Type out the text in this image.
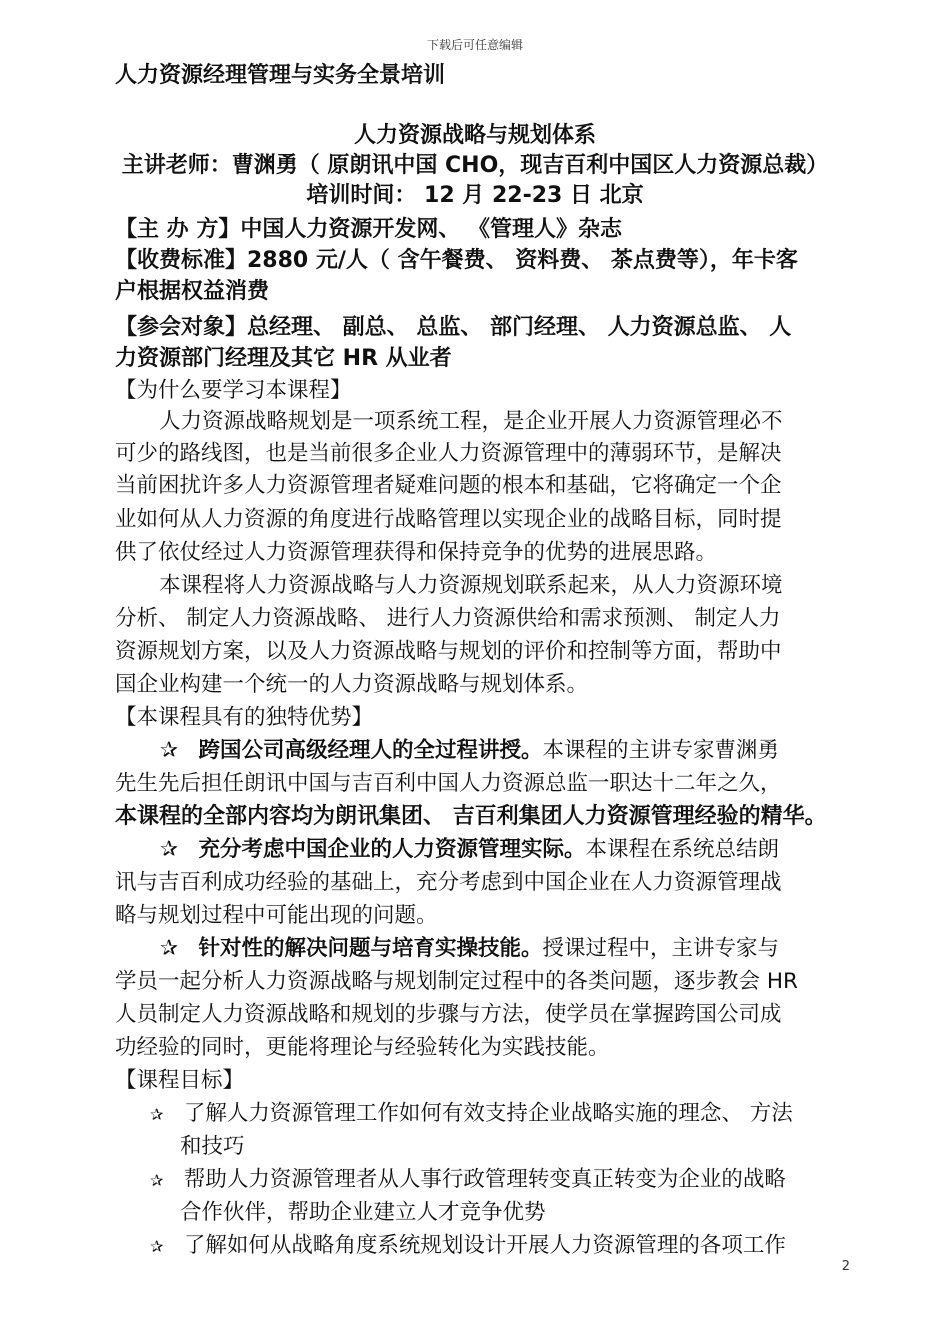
下载后可任意编辑
人力资源经理管理与实务全景培训
人力资源战略与规划体系
主讲老师：曹渊勇（ 原朗讯中国 CHO，现吉百利中国区人力资源总裁）
培训时间： 12 月 22-23 日 北京
【主 办 方】中国人力资源开发网、 《管理人》杂志
【收费标准】2880 元/人（ 含午餐费、 资料费、 茶点费等），年卡客
户根据权益消费
【参会对象】总经理、 副总、 总监、 部门经理、 人力资源总监、 人
力资源部门经理及其它 HR 从业者
【为什么要学习本课程】
人力资源战略规划是一项系统工程，是企业开展人力资源管理必不
可少的路线图，也是当前很多企业人力资源管理中的薄弱环节，是解决
当前困扰许多人力资源管理者疑难问题的根本和基础，它将确定一个企
业如何从人力资源的角度进行战略管理以实现企业的战略目标，同时提
供了依仗经过人力资源管理获得和保持竞争的优势的进展思路。
本课程将人力资源战略与人力资源规划联系起来，从人力资源环境
分析、 制定人力资源战略、 进行人力资源供给和需求预测、 制定人力
资源规划方案，以及人力资源战略与规划的评价和控制等方面，帮助中
国企业构建一个统一的人力资源战略与规划体系。
【本课程具有的独特优势】
✰ 跨国公司高级经理人的全过程讲授。本课程的主讲专家曹渊勇
先生先后担任朗讯中国与吉百利中国人力资源总监一职达十二年之久，
本课程的全部内容均为朗讯集团、 吉百利集团人力资源管理经验的精华。
✰ 充分考虑中国企业的人力资源管理实际。本课程在系统总结朗
讯与吉百利成功经验的基础上，充分考虑到中国企业在人力资源管理战
略与规划过程中可能出现的问题。
✰ 针对性的解决问题与培育实操技能。授课过程中，主讲专家与
学员一起分析人力资源战略与规划制定过程中的各类问题，逐步教会 HR
人员制定人力资源战略和规划的步骤与方法，使学员在掌握跨国公司成
功经验的同时，更能将理论与经验转化为实践技能。
【课程目标】
✰ 了解人力资源管理工作如何有效支持企业战略实施的理念、 方法
和技巧
✰ 帮助人力资源管理者从人事行政管理转变真正转变为企业的战略
合作伙伴，帮助企业建立人才竞争优势
✰ 了解如何从战略角度系统规划设计开展人力资源管理的各项工作
2
